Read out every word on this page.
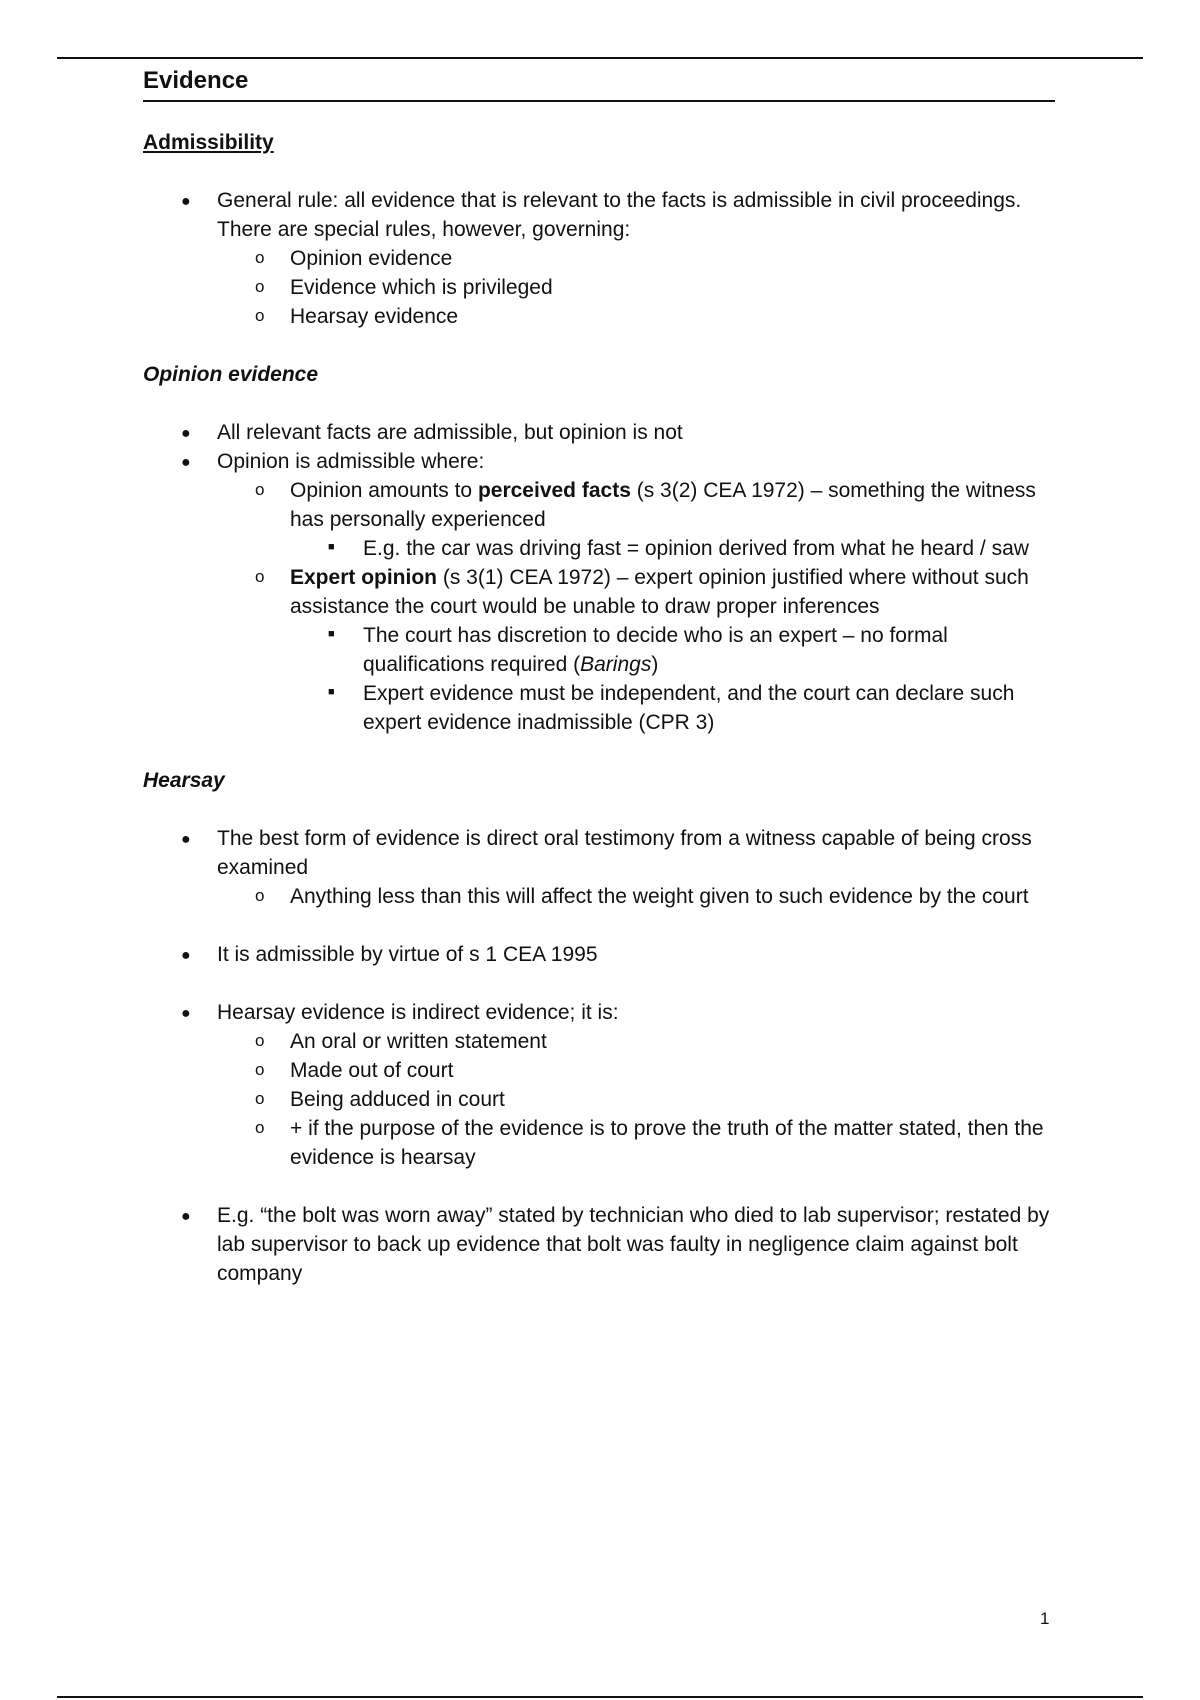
Evidence
Admissibility
● General rule: all evidence that is relevant to the facts is admissible in civil proceedings. There are special rules, however, governing:
o Opinion evidence
o Evidence which is privileged
o Hearsay evidence
Opinion evidence
● All relevant facts are admissible, but opinion is not
● Opinion is admissible where:
o Opinion amounts to perceived facts (s 3(2) CEA 1972) – something the witness has personally experienced
■ E.g. the car was driving fast = opinion derived from what he heard / saw
o Expert opinion (s 3(1) CEA 1972) – expert opinion justified where without such assistance the court would be unable to draw proper inferences
■ The court has discretion to decide who is an expert – no formal qualifications required (Barings)
■ Expert evidence must be independent, and the court can declare such expert evidence inadmissible (CPR 3)
Hearsay
● The best form of evidence is direct oral testimony from a witness capable of being cross examined
o Anything less than this will affect the weight given to such evidence by the court
● It is admissible by virtue of s 1 CEA 1995
● Hearsay evidence is indirect evidence; it is:
o An oral or written statement
o Made out of court
o Being adduced in court
o + if the purpose of the evidence is to prove the truth of the matter stated, then the evidence is hearsay
● E.g. “the bolt was worn away” stated by technician who died to lab supervisor; restated by lab supervisor to back up evidence that bolt was faulty in negligence claim against bolt company
1
